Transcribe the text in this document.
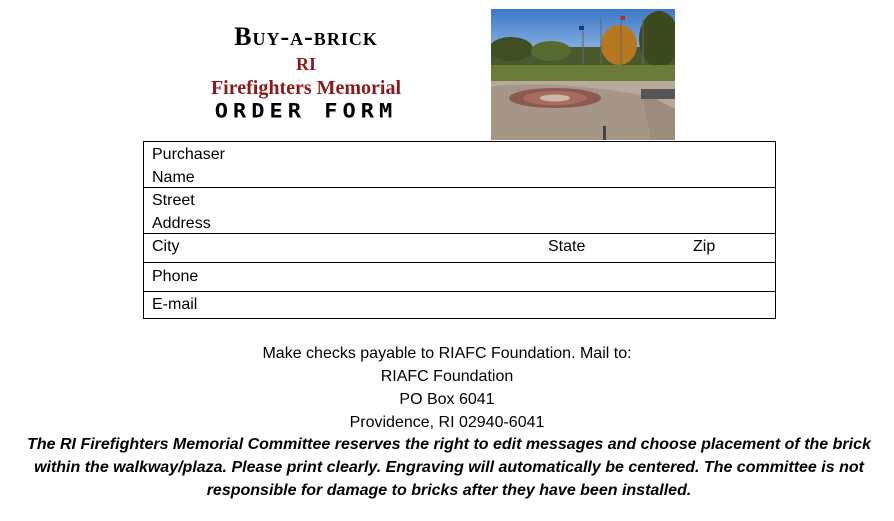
Buy-a-brick
RI
Firefighters Memorial
ORDER FORM
Purchaser
Name
Street
Address
City	State	Zip
Phone
E-mail
Make checks payable to RIAFC Foundation. Mail to:
RIAFC Foundation
PO Box 6041
Providence, RI 02940-6041
The RI Firefighters Memorial Committee reserves the right to edit messages and choose placement of the brick
within the walkway/plaza. Please print clearly. Engraving will automatically be centered. The committee is not
responsible for damage to bricks after they have been installed.
